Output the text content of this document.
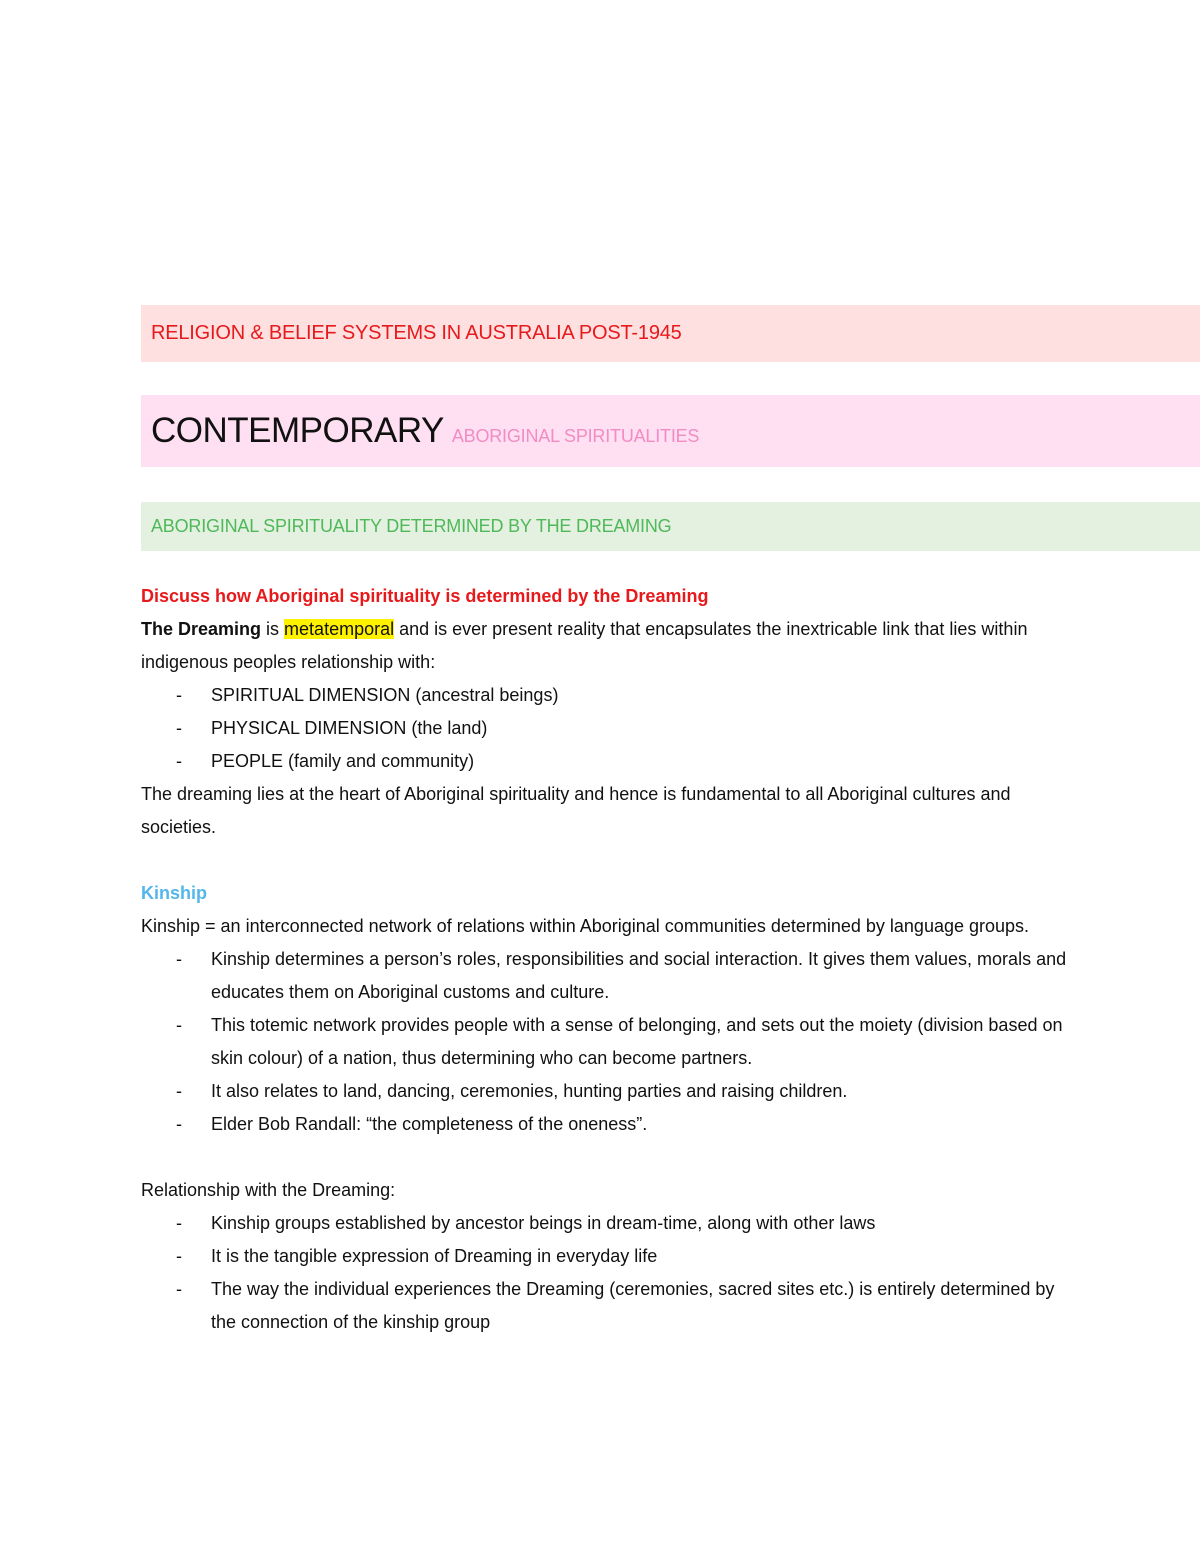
RELIGION & BELIEF SYSTEMS IN AUSTRALIA POST-1945
CONTEMPORARY ABORIGINAL SPIRITUALITIES
ABORIGINAL SPIRITUALITY DETERMINED BY THE DREAMING

Discuss how Aboriginal spirituality is determined by the Dreaming

The Dreaming is metatemporal and is ever present reality that encapsulates the inextricable link that lies within indigenous peoples relationship with:

- SPIRITUAL DIMENSION (ancestral beings)
- PHYSICAL DIMENSION (the land)
- PEOPLE (family and community)

The dreaming lies at the heart of Aboriginal spirituality and hence is fundamental to all Aboriginal cultures and societies.

Kinship

Kinship = an interconnected network of relations within Aboriginal communities determined by language groups.

- Kinship determines a person’s roles, responsibilities and social interaction. It gives them values, morals and educates them on Aboriginal customs and culture.
- This totemic network provides people with a sense of belonging, and sets out the moiety (division based on skin colour) of a nation, thus determining who can become partners.
- It also relates to land, dancing, ceremonies, hunting parties and raising children.
- Elder Bob Randall: “the completeness of the oneness”.

Relationship with the Dreaming:

- Kinship groups established by ancestor beings in dream-time, along with other laws
- It is the tangible expression of Dreaming in everyday life
- The way the individual experiences the Dreaming (ceremonies, sacred sites etc.) is entirely determined by the connection of the kinship group
